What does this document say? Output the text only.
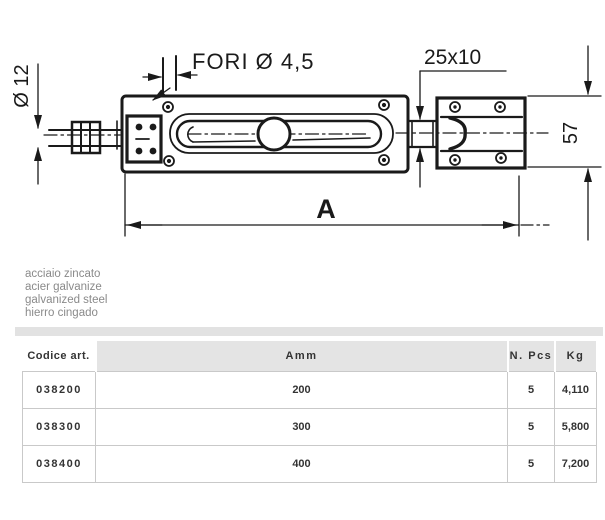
FORI Ø 4,5	25x10
Ø 12
57
A
acciaio zincato
acier galvanize
galvanized steel
hierro cingado
Codice art.	Amm	N. Pcs	Kg
038200	200	5	4,110
038300	300	5	5,800
038400	400	5	7,200
